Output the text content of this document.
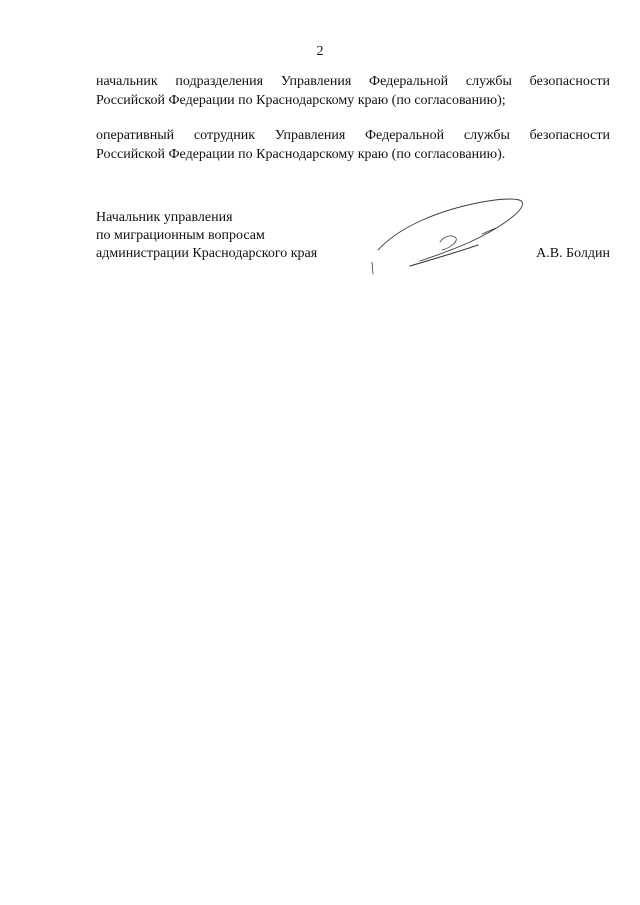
2

начальник подразделения Управления Федеральной службы безопасности
Российской Федерации по Краснодарскому краю (по согласованию);

оперативный сотрудник Управления Федеральной службы безопасности
Российской Федерации по Краснодарскому краю (по согласованию).

Начальник управления
по миграционным вопросам
администрации Краснодарского края	А.В. Болдин
